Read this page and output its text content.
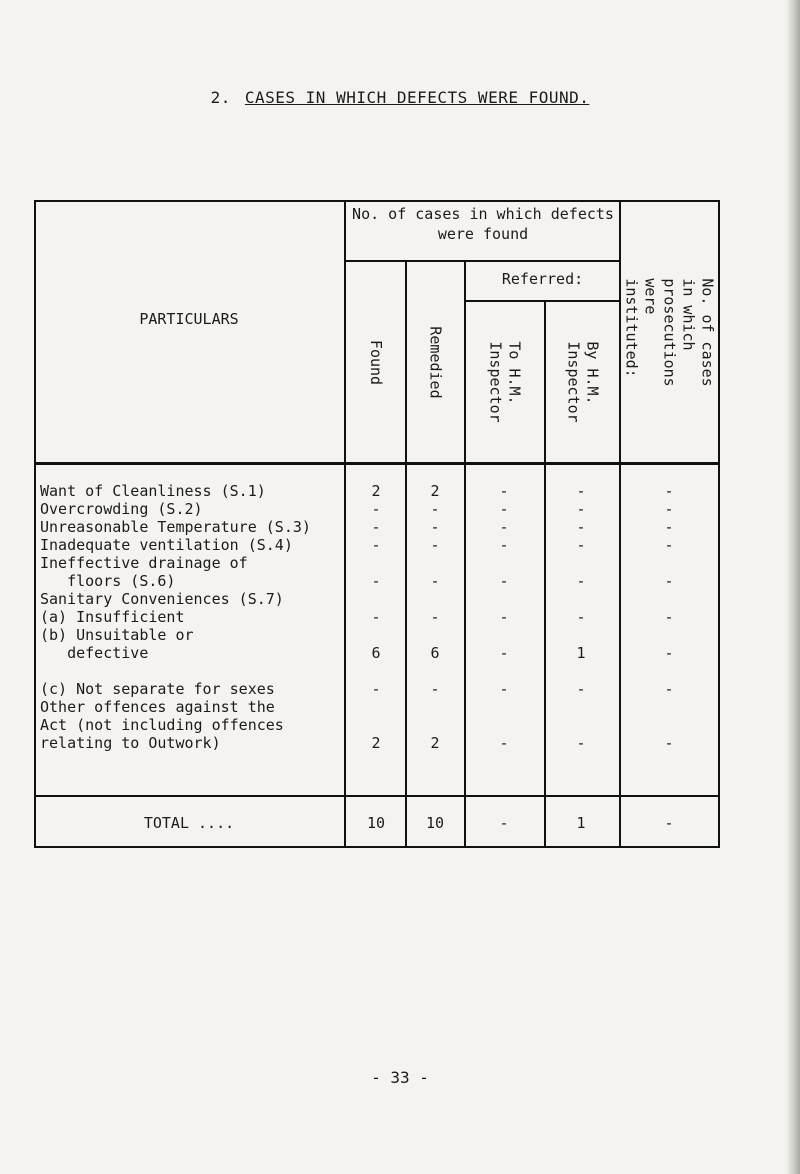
2. CASES IN WHICH DEFECTS WERE FOUND.
PARTICULARS
No. of cases in which defects were found
Found	Remedied
Referred:
To H.M. Inspector	By H.M. Inspector	No. of cases in which prosecutions were instituted:
Want of Cleanliness (S.1)	2	2	-	-	-
Overcrowding (S.2)	-	-	-	-	-
Unreasonable Temperature (S.3)	-	-	-	-	-
Inadequate ventilation (S.4)	-	-	-	-	-
Ineffective drainage of
floors (S.6)	-	-	-	-	-
Sanitary Conveniences (S.7)
(a) Insufficient	-	-	-	-	-
(b) Unsuitable or
defective	6	6	-	1	-
(c) Not separate for sexes	-	-	-	-	-
Other offences against the
Act (not including offences
relating to Outwork)	2	2	-	-	-
TOTAL ....	10	10	-	1	-
- 33 -
